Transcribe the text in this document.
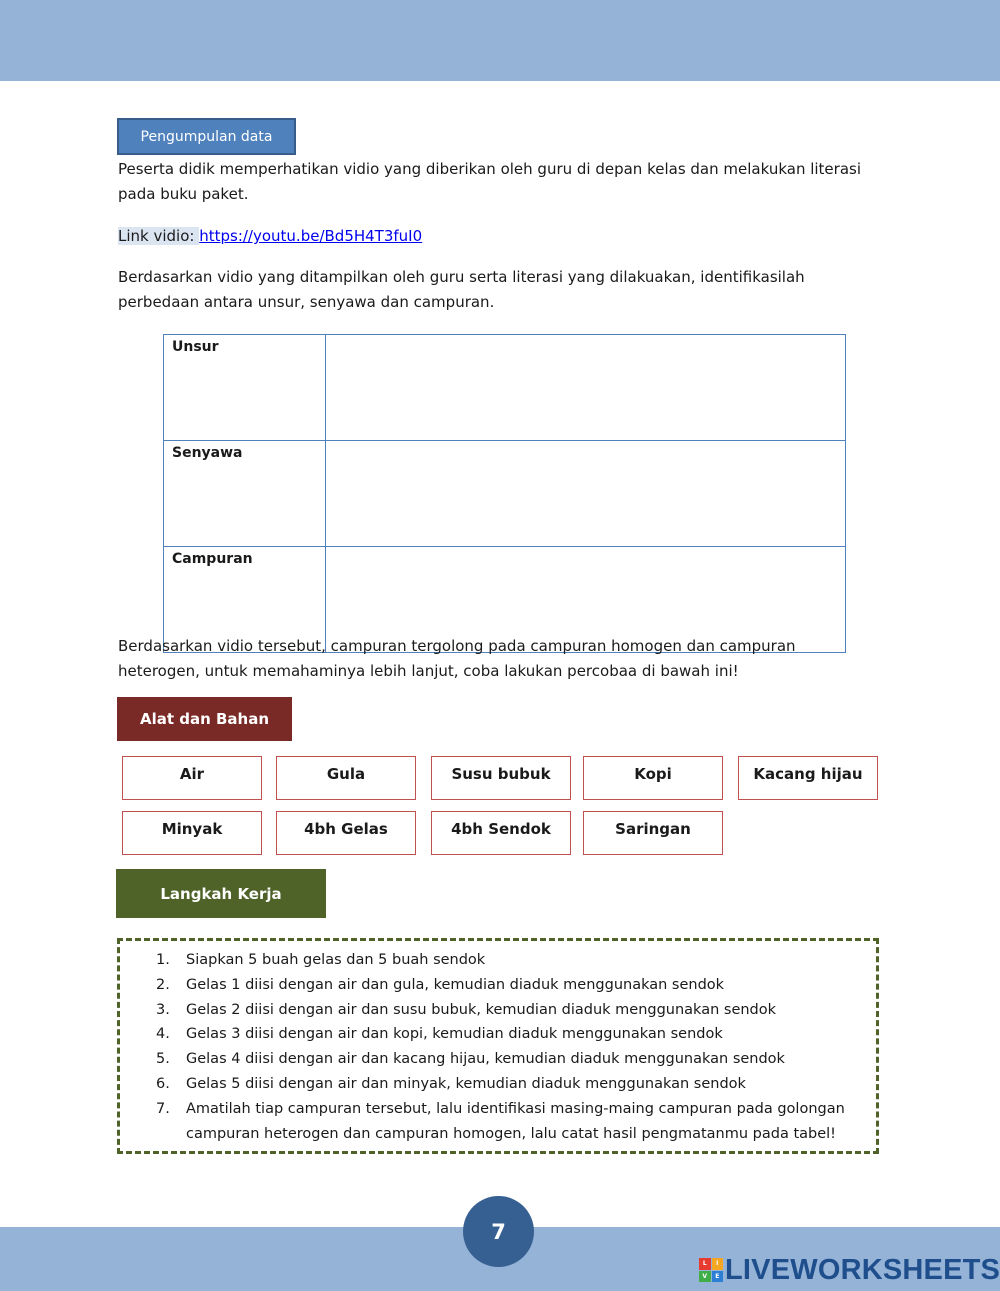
Pengumpulan data
Peserta didik memperhatikan vidio yang diberikan oleh guru di depan kelas dan melakukan literasi pada buku paket.
Link vidio: https://youtu.be/Bd5H4T3fuI0
Berdasarkan vidio yang ditampilkan oleh guru serta literasi yang dilakuakan, identifikasilah perbedaan antara unsur, senyawa dan campuran.
Unsur	
Senyawa	
Campuran	
Berdasarkan vidio tersebut, campuran tergolong pada campuran homogen dan campuran heterogen, untuk memahaminya lebih lanjut, coba lakukan percobaa di bawah ini!
Alat dan Bahan
Air	Gula	Susu bubuk	Kopi	Kacang hijau
Minyak	4bh Gelas	4bh Sendok	Saringan
Langkah Kerja
1. Siapkan 5 buah gelas dan 5 buah sendok
2. Gelas 1 diisi dengan air dan gula, kemudian diaduk menggunakan sendok
3. Gelas 2 diisi dengan air dan susu bubuk, kemudian diaduk menggunakan sendok
4. Gelas 3 diisi dengan air dan kopi, kemudian diaduk menggunakan sendok
5. Gelas 4 diisi dengan air dan kacang hijau, kemudian diaduk menggunakan sendok
6. Gelas 5 diisi dengan air dan minyak, kemudian diaduk menggunakan sendok
7. Amatilah tiap campuran tersebut, lalu identifikasi masing-maing campuran pada golongan campuran heterogen dan campuran homogen, lalu catat hasil pengmatanmu pada tabel!
7
L	I
V	E LIVEWORKSHEETS
